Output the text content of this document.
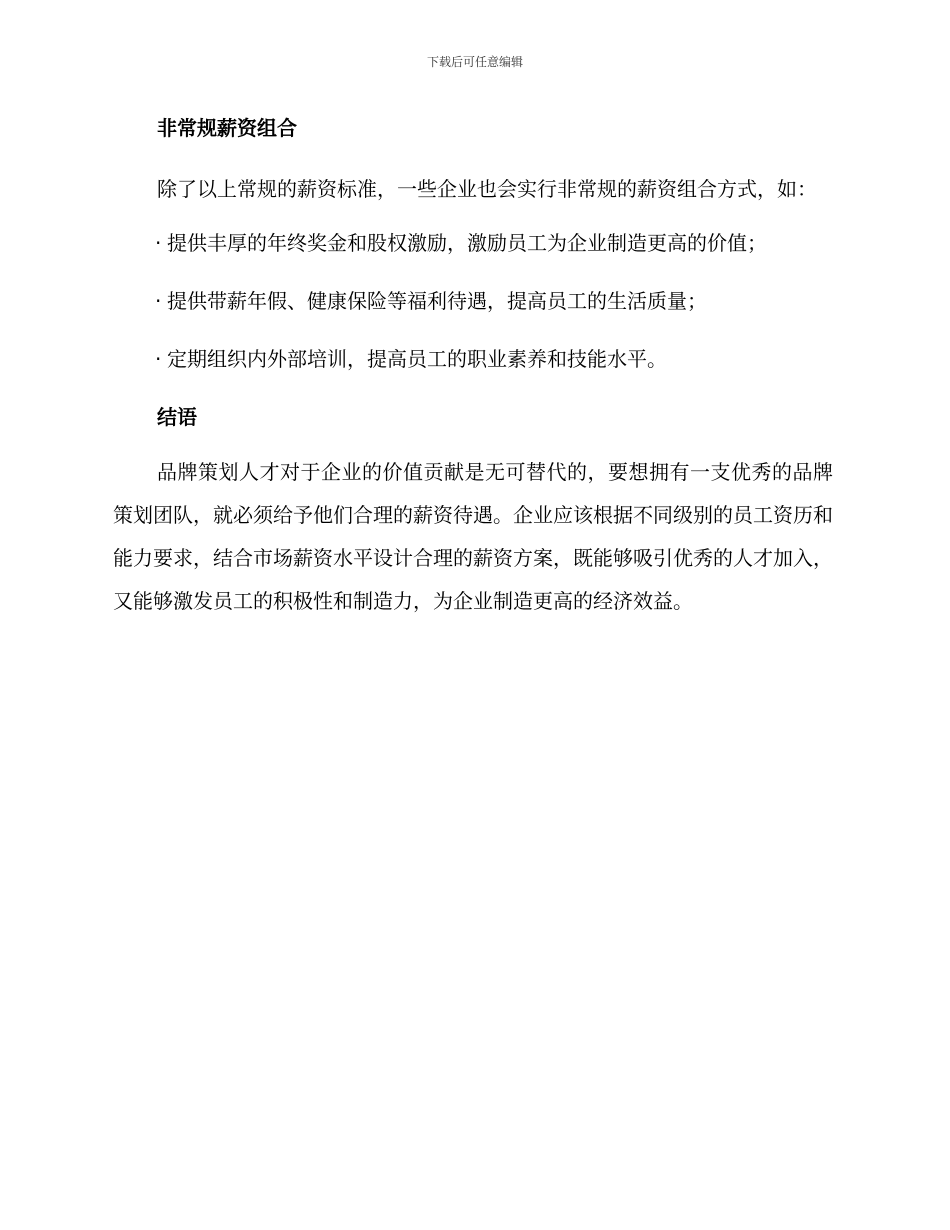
下载后可任意编辑

非常规薪资组合

除了以上常规的薪资标准，一些企业也会实行非常规的薪资组合方式，如：

· 提供丰厚的年终奖金和股权激励，激励员工为企业制造更高的价值；

· 提供带薪年假、健康保险等福利待遇，提高员工的生活质量；

· 定期组织内外部培训，提高员工的职业素养和技能水平。

结语

品牌策划人才对于企业的价值贡献是无可替代的，要想拥有一支优秀的品牌策划团队，就必须给予他们合理的薪资待遇。企业应该根据不同级别的员工资历和能力要求，结合市场薪资水平设计合理的薪资方案，既能够吸引优秀的人才加入，又能够激发员工的积极性和制造力，为企业制造更高的经济效益。
